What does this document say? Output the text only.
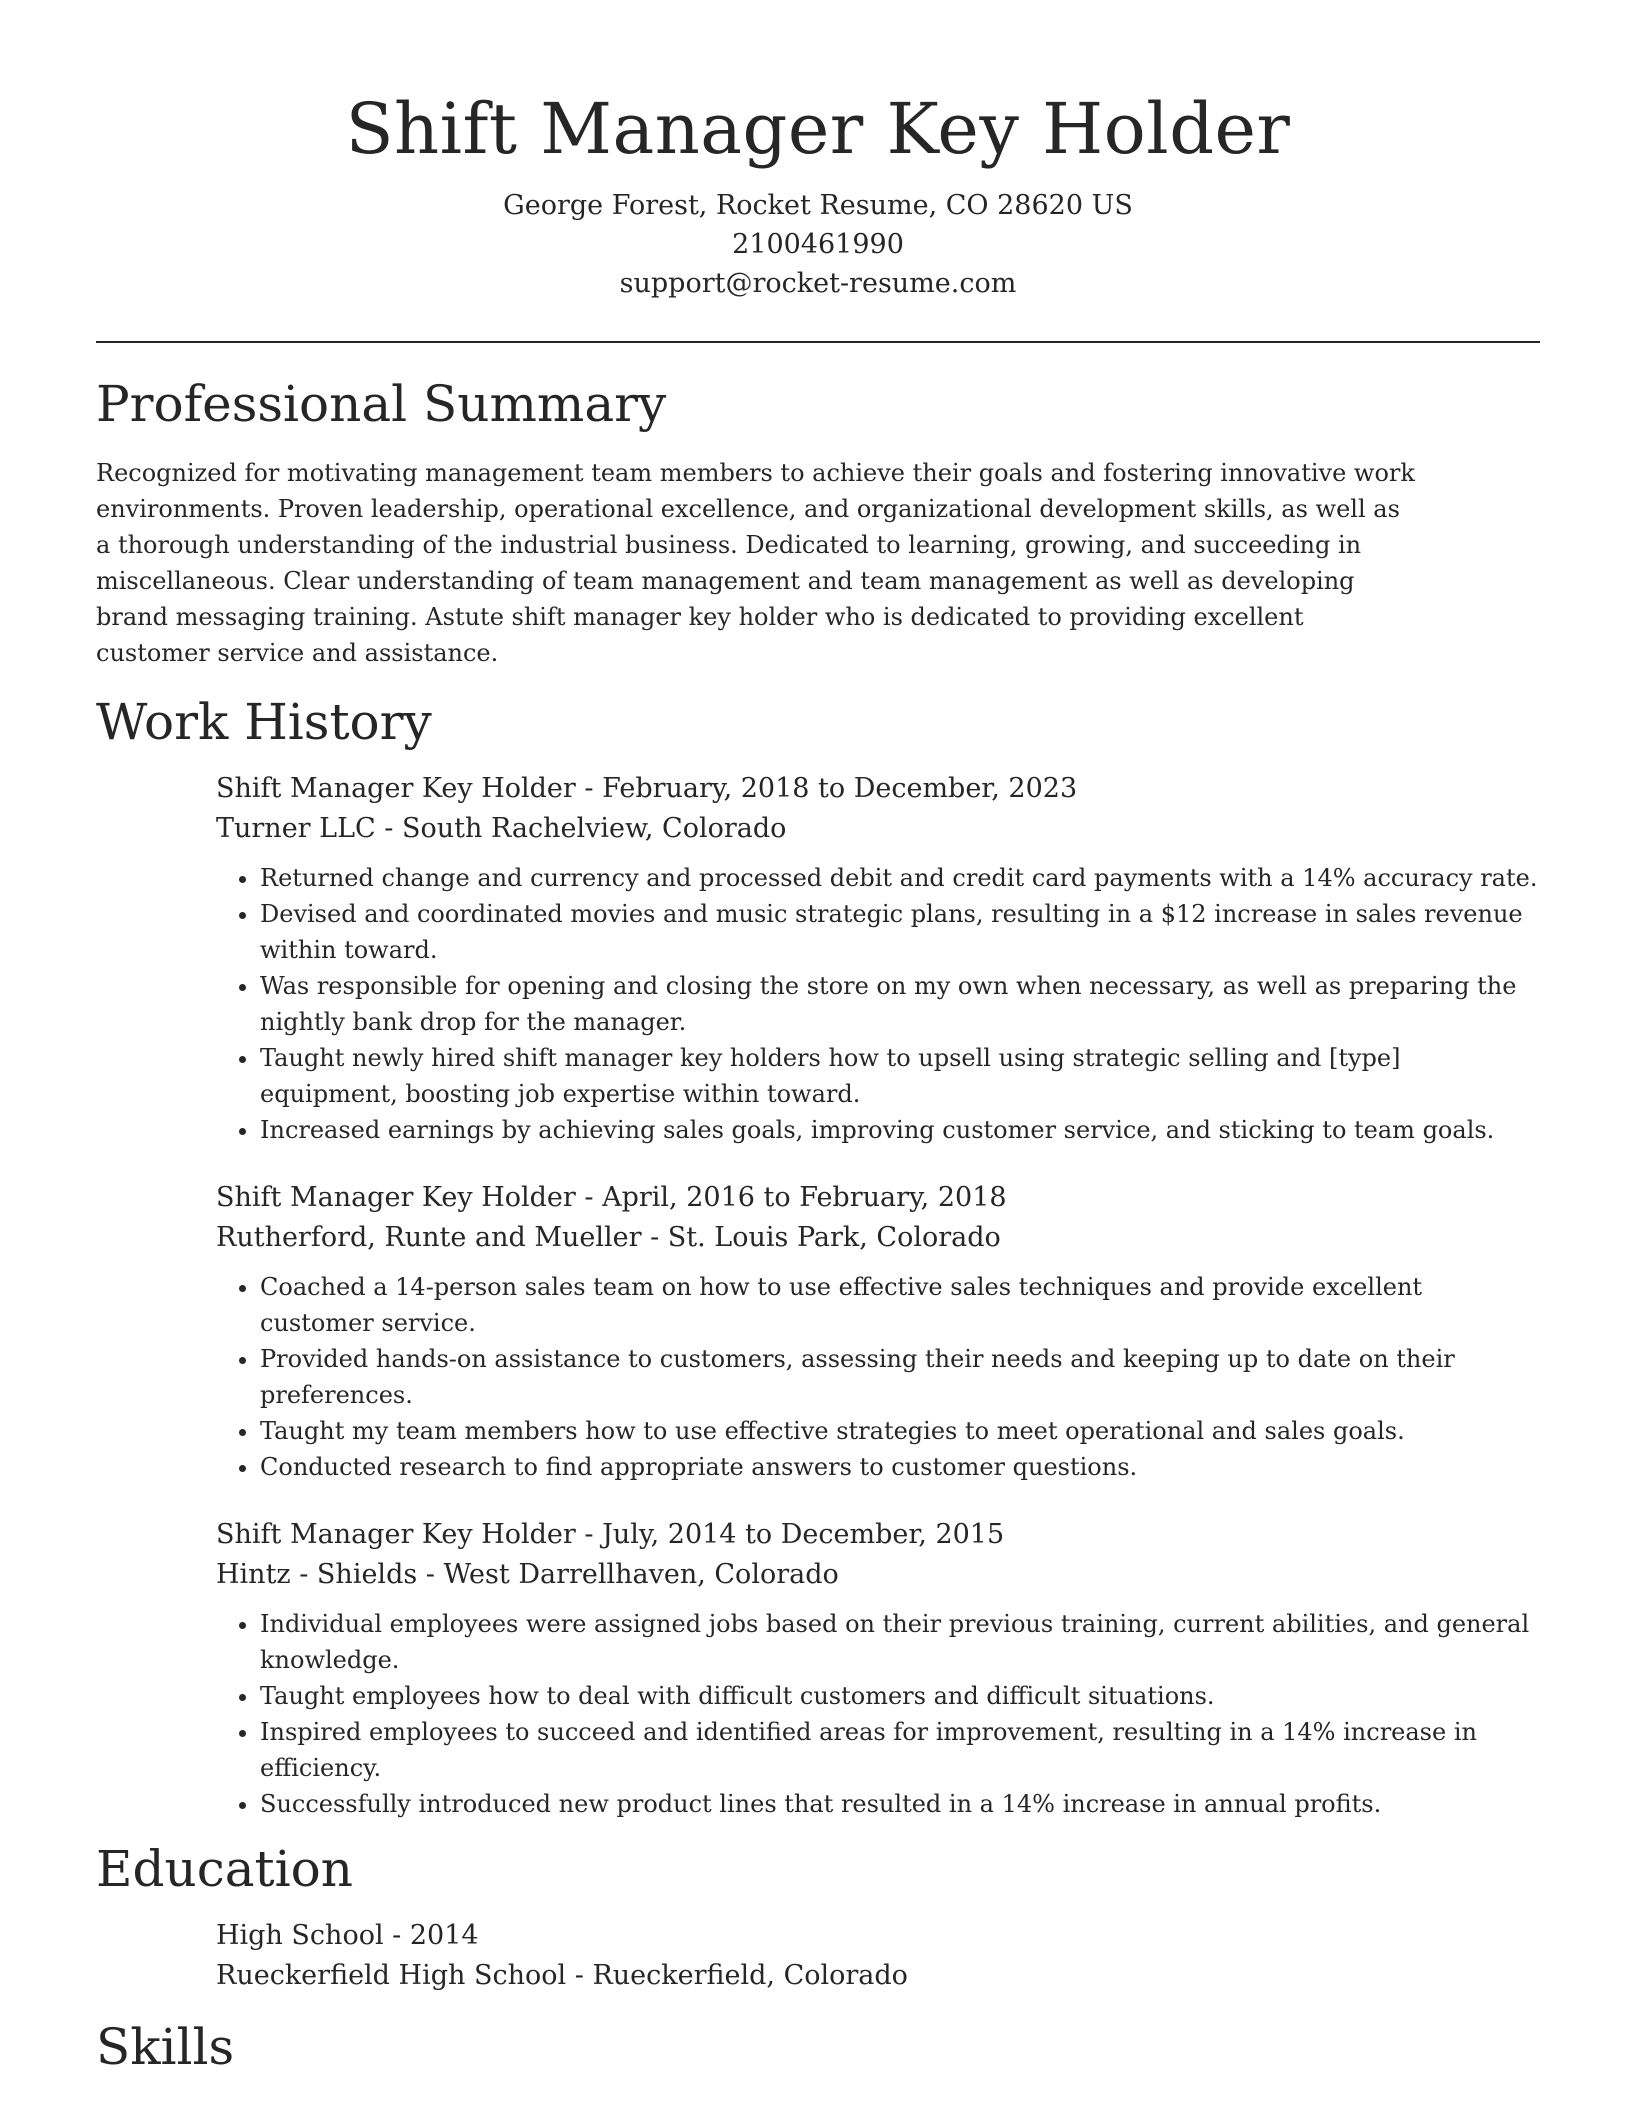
Shift Manager Key Holder
George Forest, Rocket Resume, CO 28620 US
2100461990
support@rocket-resume.com
Professional Summary

Recognized for motivating management team members to achieve their goals and fostering innovative work environments. Proven leadership, operational excellence, and organizational development skills, as well as a thorough understanding of the industrial business. Dedicated to learning, growing, and succeeding in miscellaneous. Clear understanding of team management and team management as well as developing brand messaging training. Astute shift manager key holder who is dedicated to providing excellent customer service and assistance.

Work History
Shift Manager Key Holder - February, 2018 to December, 2023
Turner LLC - South Rachelview, Colorado
• Returned change and currency and processed debit and credit card payments with a 14% accuracy rate.
• Devised and coordinated movies and music strategic plans, resulting in a $12 increase in sales revenue within toward.
• Was responsible for opening and closing the store on my own when necessary, as well as preparing the nightly bank drop for the manager.
• Taught newly hired shift manager key holders how to upsell using strategic selling and [type] equipment, boosting job expertise within toward.
• Increased earnings by achieving sales goals, improving customer service, and sticking to team goals.
Shift Manager Key Holder - April, 2016 to February, 2018
Rutherford, Runte and Mueller - St. Louis Park, Colorado
• Coached a 14-person sales team on how to use effective sales techniques and provide excellent customer service.
• Provided hands-on assistance to customers, assessing their needs and keeping up to date on their preferences.
• Taught my team members how to use effective strategies to meet operational and sales goals.
• Conducted research to find appropriate answers to customer questions.
Shift Manager Key Holder - July, 2014 to December, 2015
Hintz - Shields - West Darrellhaven, Colorado
• Individual employees were assigned jobs based on their previous training, current abilities, and general knowledge.
• Taught employees how to deal with difficult customers and difficult situations.
• Inspired employees to succeed and identified areas for improvement, resulting in a 14% increase in efficiency.
• Successfully introduced new product lines that resulted in a 14% increase in annual profits.
Education
High School - 2014
Rueckerfield High School - Rueckerfield, Colorado
Skills
